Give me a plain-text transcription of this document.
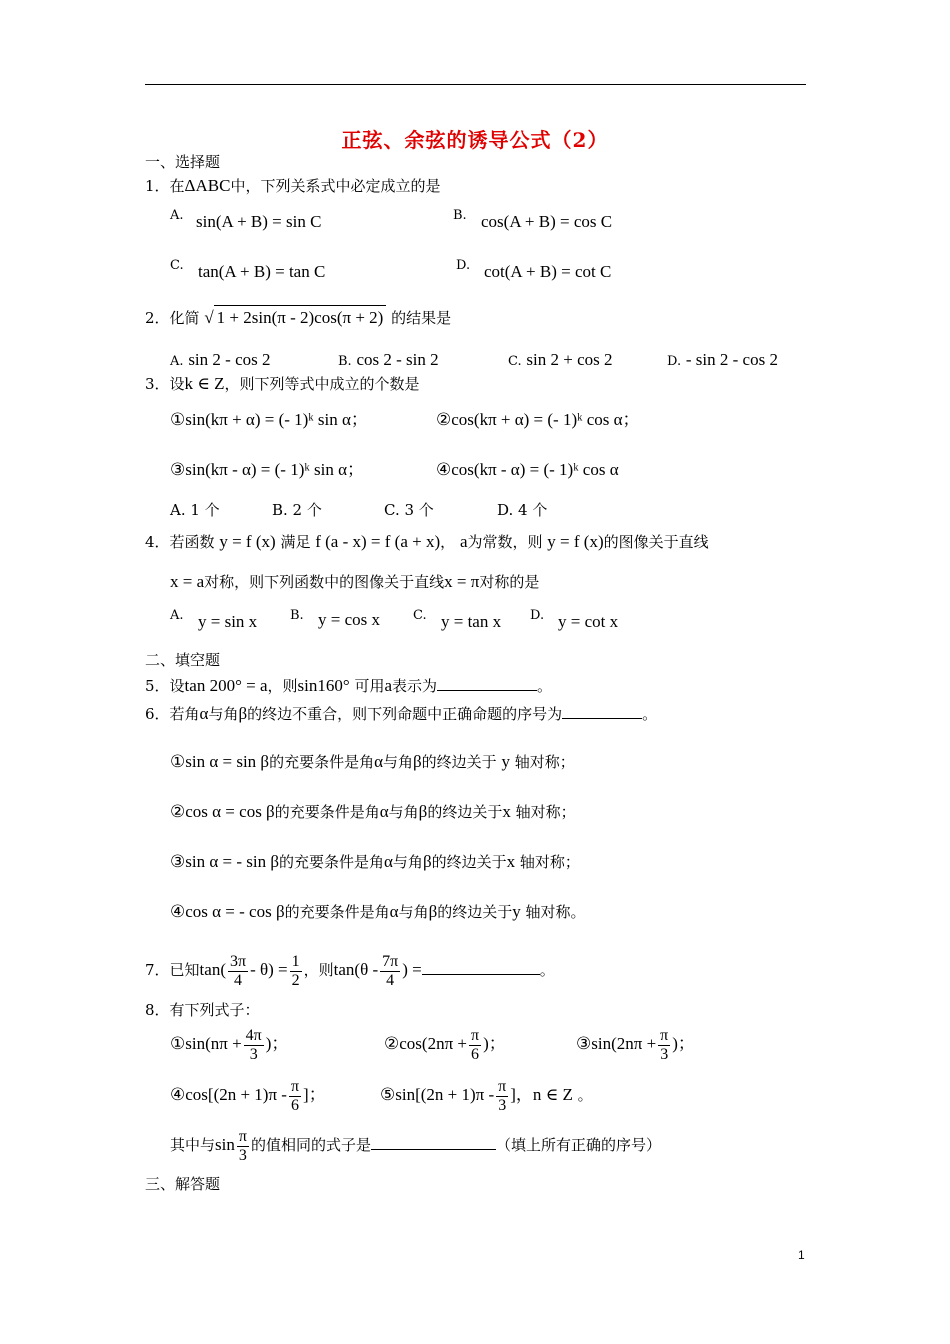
正弦、余弦的诱导公式（2）
一、选择题
1．在ΔABC中，下列关系式中必定成立的是
A. sin(A + B) = sin C	B. cos(A + B) = cos C
C. tan(A + B) = tan C	D. cot(A + B) = cot C
2．化简 √ 1 + 2sin(π - 2)cos(π + 2) 的结果是
A. sin 2 - cos 2	B. cos 2 - sin 2	C. sin 2 + cos 2	D. - sin 2 - cos 2
3．设k ∈ Z，则下列等式中成立的个数是
①sin(kπ + α) = (- 1)ᵏ sin α；	②cos(kπ + α) = (- 1)ᵏ cos α；
③sin(kπ - α) = (- 1)ᵏ sin α；	④cos(kπ - α) = (- 1)ᵏ cos α
A. 1 个	B. 2 个	C. 3 个	D. 4 个
4．若函数 y = f (x) 满足 f (a - x) = f (a + x)， a为常数，则 y = f (x)的图像关于直线
x = a对称，则下列函数中的图像关于直线x = π对称的是
A. y = sin x	B. y = cos x	C. y = tan x D. y = cot x
二、填空题
5．设tan 200° = a，则sin160° 可用a表示为	。
6．若角α与角β的终边不重合，则下列命题中正确命题的序号为	。
①sin α = sin β的充要条件是角α与角β的终边关于 y 轴对称；
②cos α = cos β的充要条件是角α与角β的终边关于x 轴对称；
③sin α = - sin β的充要条件是角α与角β的终边关于x 轴对称；
④cos α = - cos β的充要条件是角α与角β的终边关于y 轴对称。
7．已知$\tan( \frac{3\pi}{4} - \theta) = \frac{1}{2}$ ，则$\tan(\theta - \frac{7\pi}{4}$ ) =	。
8．有下列式子：
①sin(nπ + $\frac{4\pi}{3}$ )；	②cos(2nπ + $\frac{\pi}{6}$ )；	③sin(2nπ + $\frac{\pi}{3}$ )；
④cos[(2n + $1)\pi - \frac{\pi}{6}$ ]；	⑤sin[(2n + $1)\pi - \frac{\pi}{3}$ ]，n ∈ Z 。
其中与$\sin \frac{\pi}{3}$ 的值相同的式子是	（填上所有正确的序号）
三、解答题
1
